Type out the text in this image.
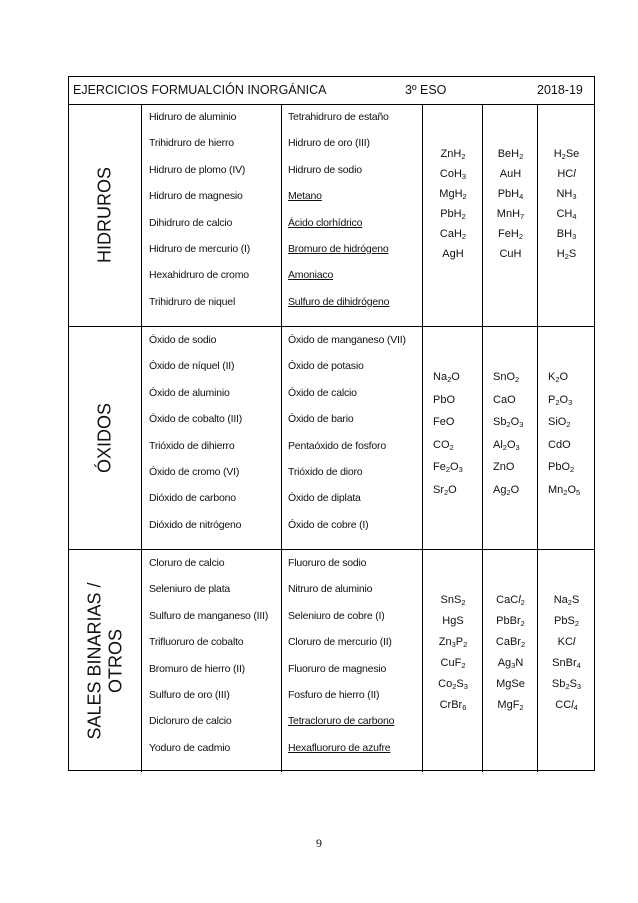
EJERCICIOS FORMUALCIÓN INORGÁNICA	3º ESO	2018-19
HIDRUROS
Hidruro de aluminio
Trihidruro de hierro
Hidruro de plomo (IV)
Hidruro de magnesio
Dihidruro de calcio
Hidruro de mercurio (I)
Hexahidruro de cromo
Trihidruro de niquel
Tetrahidruro de estaño
Hidruro de oro (III)
Hidruro de sodio
Metano
Ácido clorhídrico
Bromuro de hidrógeno
Amoniaco
Sulfuro de dihidrógeno
ZnH2
CoH3
MgH2
PbH2
CaH2
AgH
BeH2
AuH
PbH4
MnH7
FeH2
CuH
H2Se
HCl
NH3
CH4
BH3
H2S
ÓXIDOS
Óxido de sodio
Óxido de níquel (II)
Óxido de aluminio
Óxido de cobalto (III)
Trióxido de dihierro
Óxido de cromo (VI)
Dióxido de carbono
Dióxido de nitrógeno
Óxido de manganeso (VII)
Óxido de potasio
Óxido de calcio
Óxido de bario
Pentaóxido de fosforo
Trióxido de dioro
Óxido de diplata
Óxido de cobre (I)
Na2O
PbO
FeO
CO2
Fe2O3
Sr2O
SnO2
CaO
Sb2O3
Al2O3
ZnO
Ag2O
K2O
P2O3
SiO2
CdO
PbO2
Mn2O5
SALES BINARIAS / OTROS
Cloruro de calcio
Seleniuro de plata
Sulfuro de manganeso (III)
Trifluoruro de cobalto
Bromuro de hierro (II)
Sulfuro de oro (III)
Dicloruro de calcio
Yoduro de cadmio
Fluoruro de sodio
Nitruro de aluminio
Seleniuro de cobre (I)
Cloruro de mercurio (II)
Fluoruro de magnesio
Fosfuro de hierro (II)
Tetracloruro de carbono
Hexafluoruro de azufre
SnS2
HgS
Zn3P2
CuF2
Co2S3
CrBr6
CaCl2
PbBr2
CaBr2
Ag3N
MgSe
MgF2
Na2S
PbS2
KCl
SnBr4
Sb2S3
CCl4
9
